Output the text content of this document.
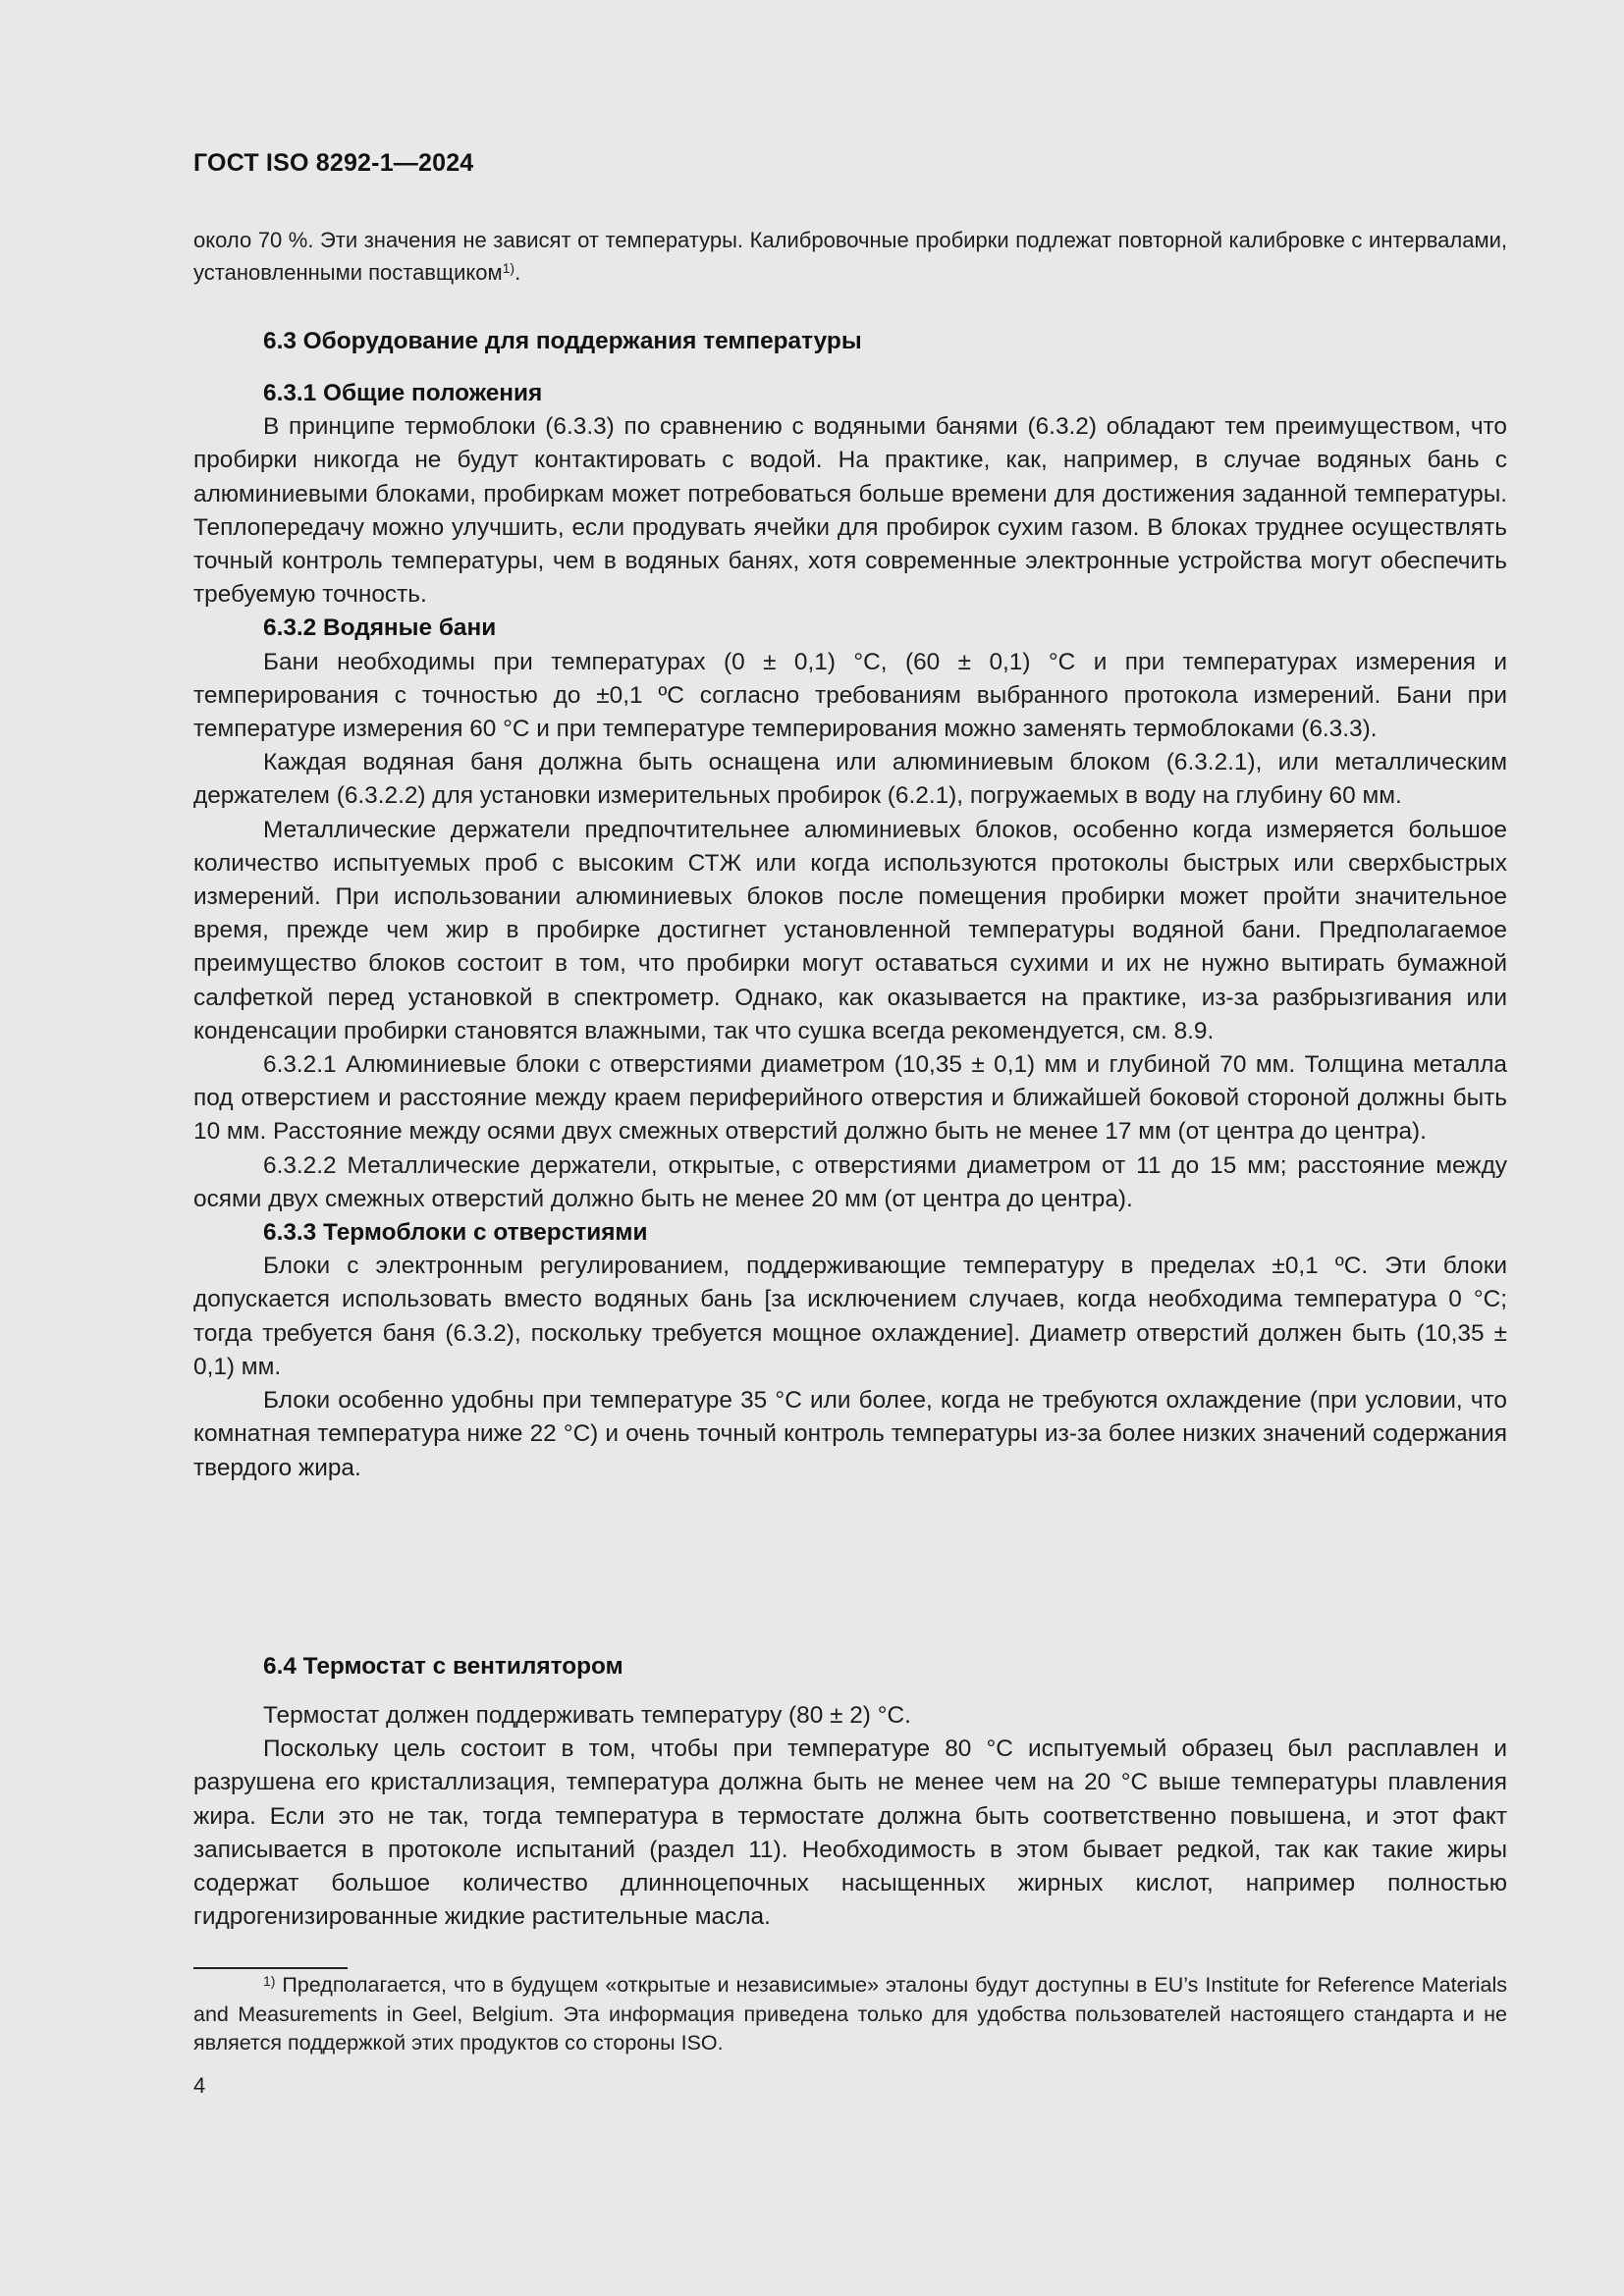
ГОСТ ISO 8292-1—2024
около 70 %. Эти значения не зависят от температуры. Калибровочные пробирки подлежат повторной калибровке с интервалами, установленными поставщиком$^{1)}$.
6.3 Оборудование для поддержания температуры
6.3.1 Общие положения

В принципе термоблоки (6.3.3) по сравнению с водяными банями (6.3.2) обладают тем преимуществом, что пробирки никогда не будут контактировать с водой. На практике, как, например, в случае водяных бань с алюминиевыми блоками, пробиркам может потребоваться больше времени для достижения заданной температуры. Теплопередачу можно улучшить, если продувать ячейки для пробирок сухим газом. В блоках труднее осуществлять точный контроль температуры, чем в водяных банях, хотя современные электронные устройства могут обеспечить требуемую точность.

6.3.2 Водяные бани

Бани необходимы при температурах (0 ± 0,1) °С, (60 ± 0,1) °С и при температурах измерения и темперирования с точностью до ±0,1 ºС согласно требованиям выбранного протокола измерений. Бани при температуре измерения 60 °С и при температуре темперирования можно заменять термоблоками (6.3.3).

Каждая водяная баня должна быть оснащена или алюминиевым блоком (6.3.2.1), или металлическим держателем (6.3.2.2) для установки измерительных пробирок (6.2.1), погружаемых в воду на глубину 60 мм.

Металлические держатели предпочтительнее алюминиевых блоков, особенно когда измеряется большое количество испытуемых проб с высоким СТЖ или когда используются протоколы быстрых или сверхбыстрых измерений. При использовании алюминиевых блоков после помещения пробирки может пройти значительное время, прежде чем жир в пробирке достигнет установленной температуры водяной бани. Предполагаемое преимущество блоков состоит в том, что пробирки могут оставаться сухими и их не нужно вытирать бумажной салфеткой перед установкой в спектрометр. Однако, как оказывается на практике, из-за разбрызгивания или конденсации пробирки становятся влажными, так что сушка всегда рекомендуется, см. 8.9.

6.3.2.1 Алюминиевые блоки с отверстиями диаметром (10,35 ± 0,1) мм и глубиной 70 мм. Толщина металла под отверстием и расстояние между краем периферийного отверстия и ближайшей боковой стороной должны быть 10 мм. Расстояние между осями двух смежных отверстий должно быть не менее 17 мм (от центра до центра).

6.3.2.2 Металлические держатели, открытые, с отверстиями диаметром от 11 до 15 мм; расстояние между осями двух смежных отверстий должно быть не менее 20 мм (от центра до центра).

6.3.3 Термоблоки с отверстиями

Блоки с электронным регулированием, поддерживающие температуру в пределах ±0,1 ºС. Эти блоки допускается использовать вместо водяных бань [за исключением случаев, когда необходима температура 0 °С; тогда требуется баня (6.3.2), поскольку требуется мощное охлаждение]. Диаметр отверстий должен быть (10,35 ± 0,1) мм.

Блоки особенно удобны при температуре 35 °С или более, когда не требуются охлаждение (при условии, что комнатная температура ниже 22 °С) и очень точный контроль температуры из-за более низких значений содержания твердого жира.

6.4 Термостат с вентилятором

Термостат должен поддерживать температуру (80 ± 2) °С.

Поскольку цель состоит в том, чтобы при температуре 80 °С испытуемый образец был расплавлен и разрушена его кристаллизация, температура должна быть не менее чем на 20 °С выше температуры плавления жира. Если это не так, тогда температура в термостате должна быть соответственно повышена, и этот факт записывается в протоколе испытаний (раздел 11). Необходимость в этом бывает редкой, так как такие жиры содержат большое количество длинноцепочных насыщенных жирных кислот, например полностью гидрогенизированные жидкие растительные масла.

$^{1)}$ Предполагается, что в будущем «открытые и независимые» эталоны будут доступны в EU’s Institute for Reference Materials and Measurements in Geel, Belgium. Эта информация приведена только для удобства пользователей настоящего стандарта и не является поддержкой этих продуктов со стороны ISO.

4
